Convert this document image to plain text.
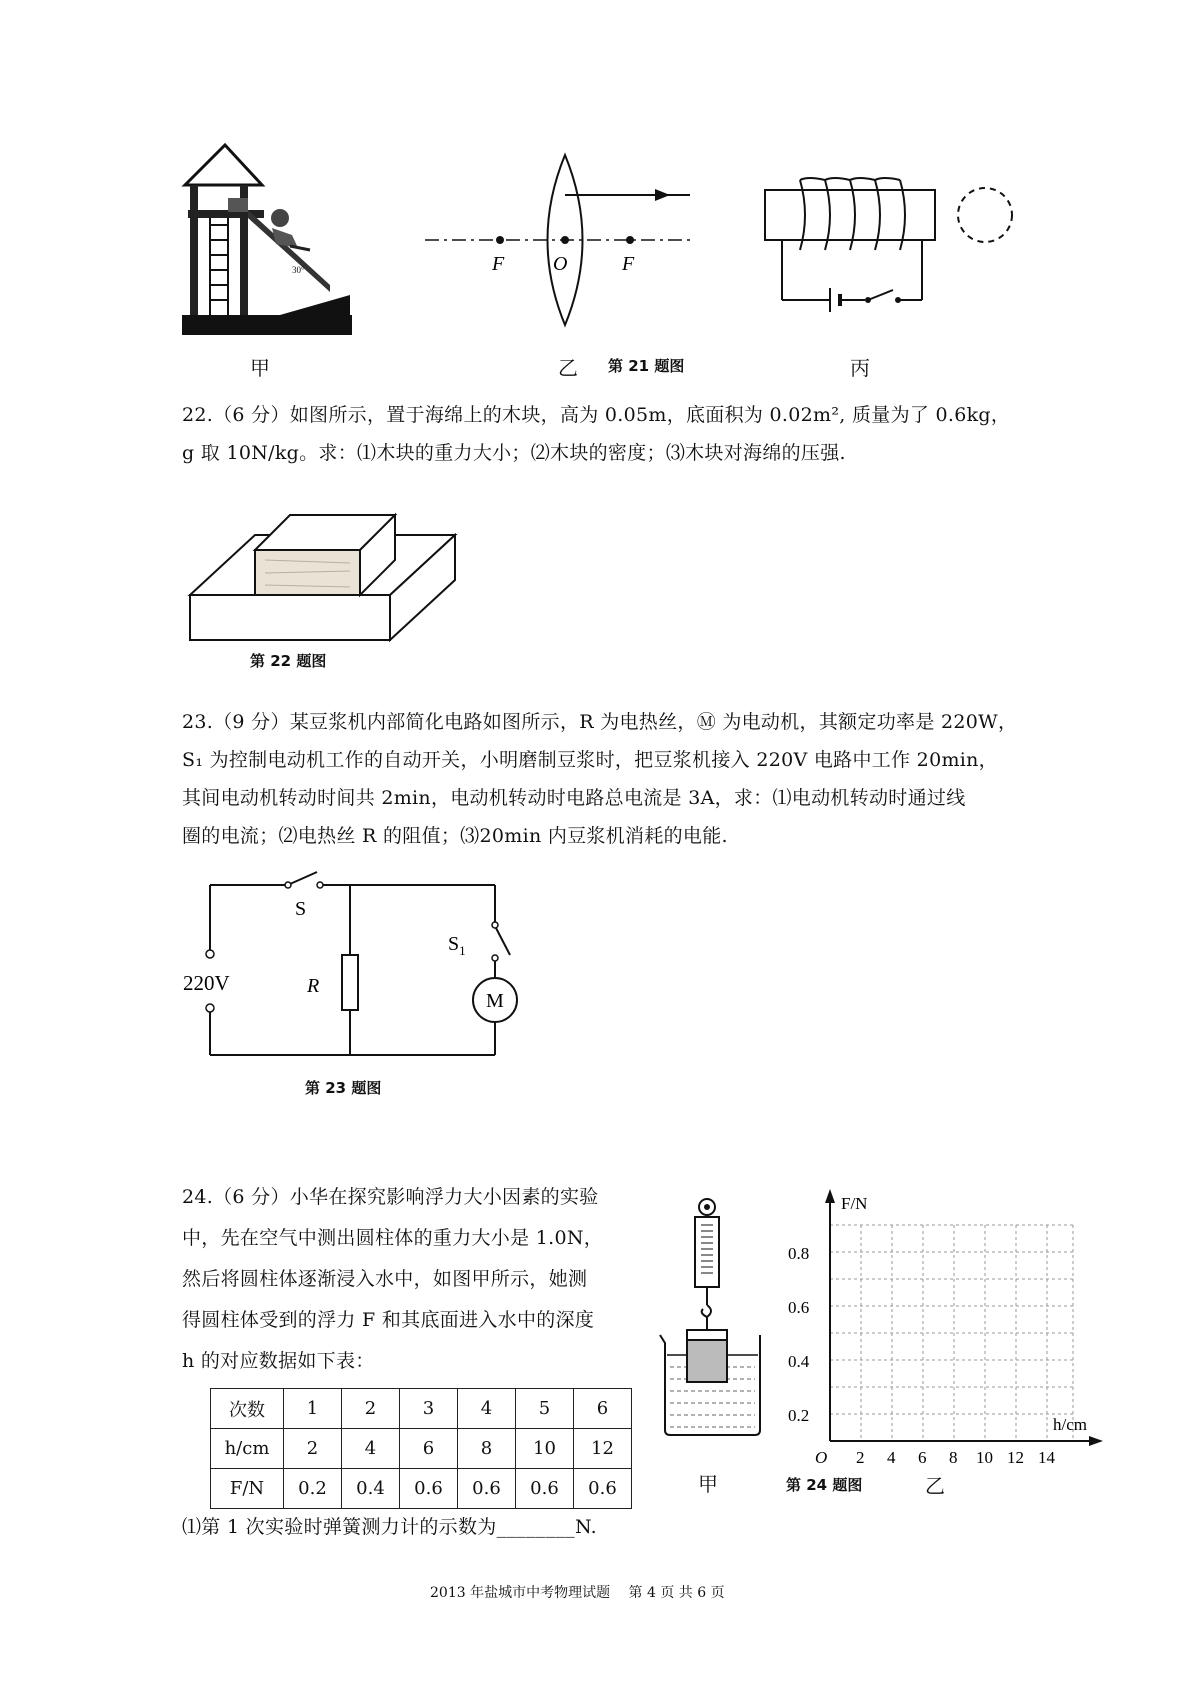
30°
甲
F O	F
乙 第 21 题图	丙
22.（6 分）如图所示，置于海绵上的木块，高为 0.05m，底面积为 0.02m², 质量为了 0.6kg，
g 取 10N/kg。求：⑴木块的重力大小；⑵木块的密度；⑶木块对海绵的压强.
第 22 题图
23.（9 分）某豆浆机内部简化电路如图所示，R 为电热丝，Ⓜ 为电动机，其额定功率是 220W，
S₁ 为控制电动机工作的自动开关，小明磨制豆浆时，把豆浆机接入 220V 电路中工作 20min，
其间电动机转动时间共 2min，电动机转动时电路总电流是 3A，求：⑴电动机转动时通过线
圈的电流；⑵电热丝 R 的阻值；⑶20min 内豆浆机消耗的电能.
S
220V	R
$S_1$
M
第 23 题图
24.（6 分）小华在探究影响浮力大小因素的实验
中，先在空气中测出圆柱体的重力大小是 1.0N，
然后将圆柱体逐渐浸入水中，如图甲所示，她测
得圆柱体受到的浮力 F 和其底面进入水中的深度
h 的对应数据如下表：
次数	1	2	3	4	5	6
h/cm	2	4	6	8	10	12
F/N	0.2	0.4	0.6	0.6	0.6	0.6
⑴第 1 次实验时弹簧测力计的示数为________N.
甲	第 24 题图	乙
F/N
h/cm
O
0.2
0.4
0.6
0.8
2 4 6 8 10 12 14
2013 年盐城市中考物理试题　 第 4 页 共 6 页
